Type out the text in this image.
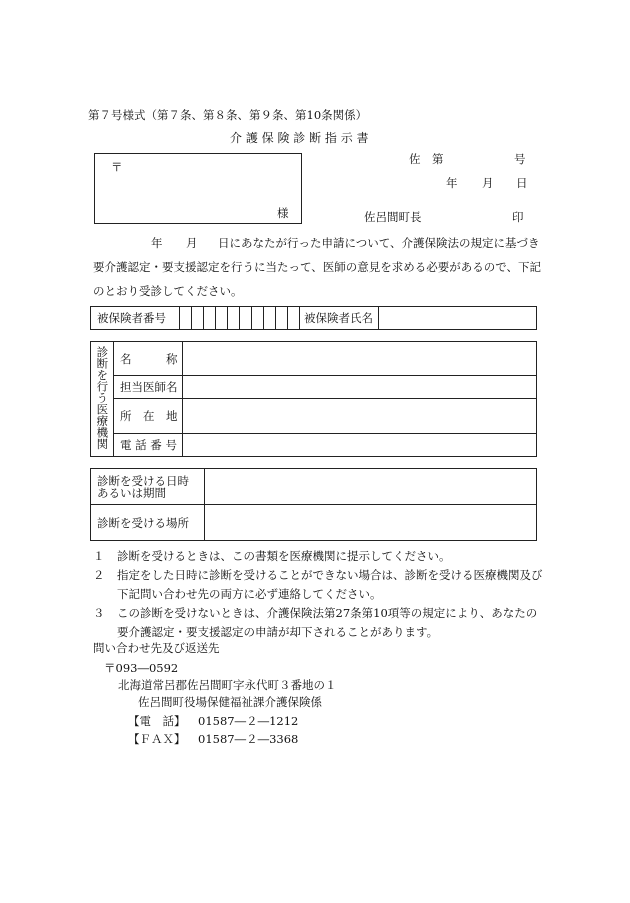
第７号様式（第７条、第８条、第９条、第10条関係）
介 護 保 険 診 断 指 示 書
〒
様
佐 第	号
年 月 日
佐呂間町長	印
年 月 日にあなたが行った申請について、介護保険法の規定に基づき
要介護認定・要支援認定を行うに当たって、医師の意見を求める必要があるので、下記
のとおり受診してください。
被保険者番号											被保険者氏名	
診断を行う医療機関	名　　　称	
	担当医師名	
	所　在　地	
	電 話 番 号	
診断を受ける日時
あるいは期間	
診断を受ける場所	
１	診断を受けるときは、この書類を医療機関に提示してください。
２	指定をした日時に診断を受けることができない場合は、診断を受ける医療機関及び下記問い合わせ先の両方に必ず連絡してください。
３	この診断を受けないときは、介護保険法第27条第10項等の規定により、あなたの要介護認定・要支援認定の申請が却下されることがあります。
問い合わせ先及び返送先
〒093―0592
北海道常呂郡佐呂間町字永代町３番地の１
佐呂間町役場保健福祉課介護保険係
【電　話】 01587―２―1212
【ＦＡＸ】 01587―２―3368
